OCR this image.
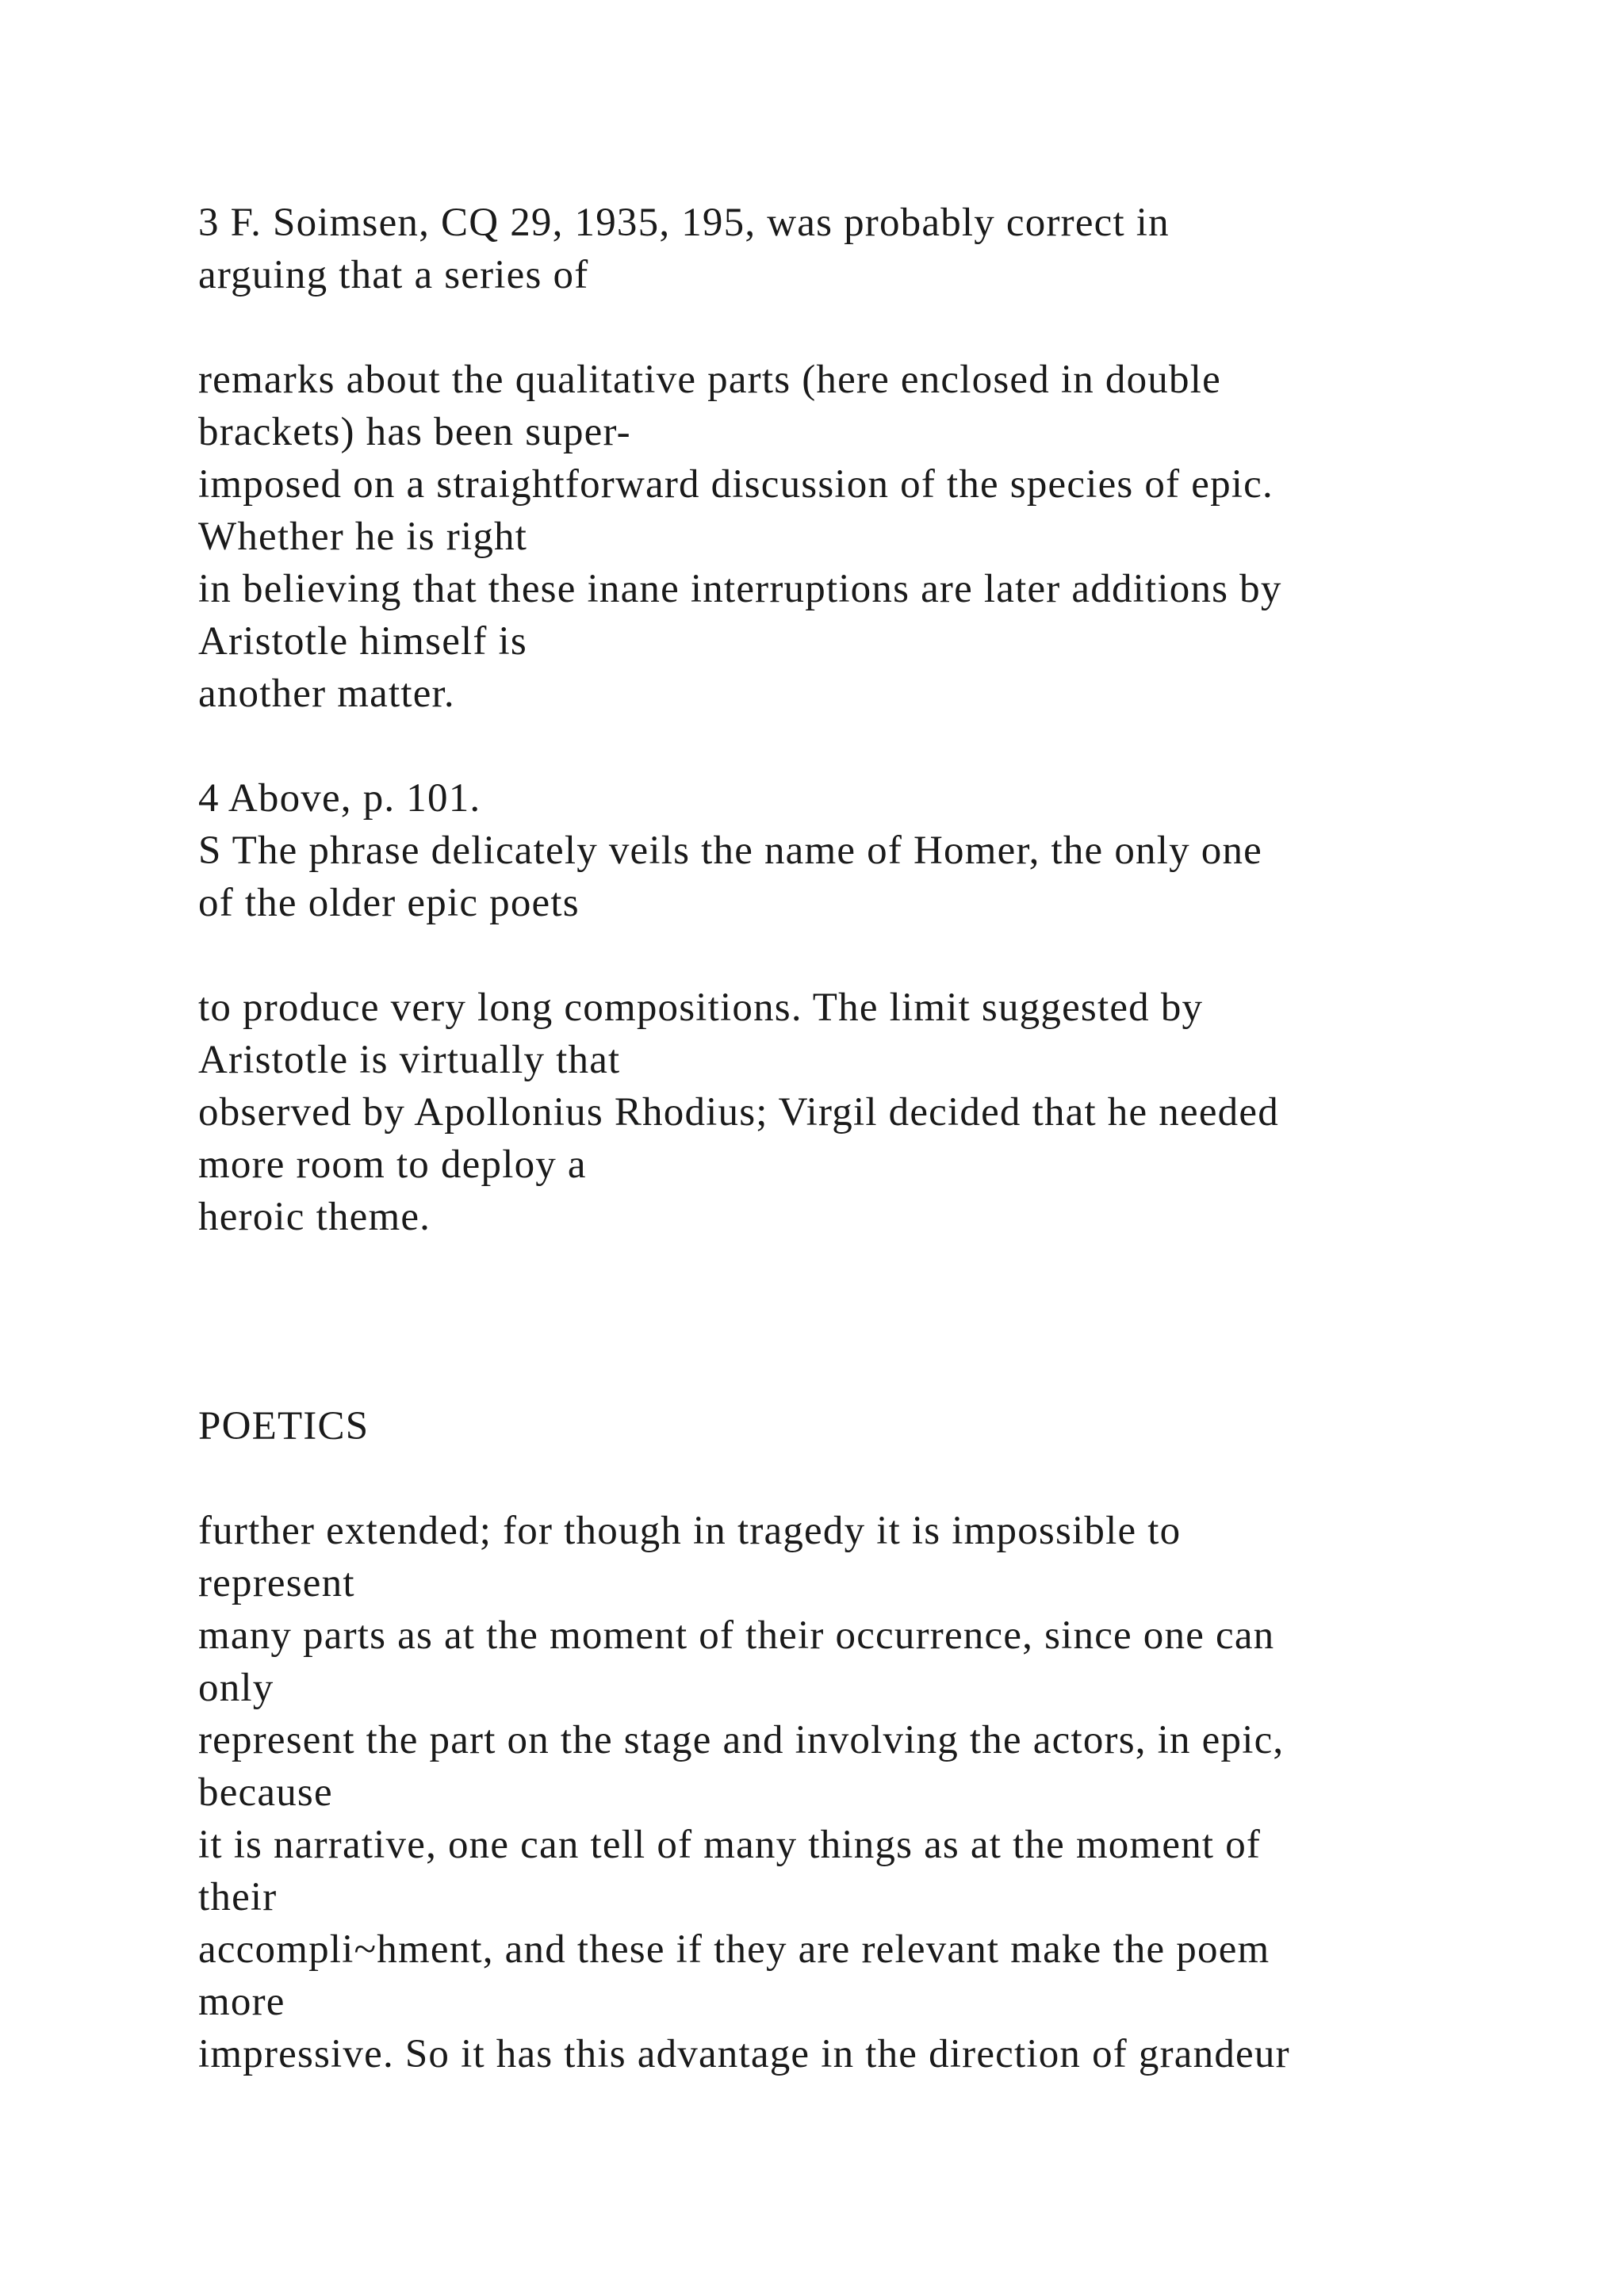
3 F. Soimsen, CQ 29, 1935, 195, was probably correct in
arguing that a series of
remarks about the qualitative parts (here enclosed in double
brackets) has been super-
imposed on a straightforward discussion of the species of epic.
Whether he is right
in believing that these inane interruptions are later additions by
Aristotle himself is
another matter.
4 Above, p. 101.
S The phrase delicately veils the name of Homer, the only one
of the older epic poets
to produce very long compositions. The limit suggested by
Aristotle is virtually that
observed by Apollonius Rhodius; Virgil decided that he needed
more room to deploy a
heroic theme.
POETICS
further extended; for though in tragedy it is impossible to
represent
many parts as at the moment of their occurrence, since one can
only
represent the part on the stage and involving the actors, in epic,
because
it is narrative, one can tell of many things as at the moment of
their
accompli~hment, and these if they are relevant make the poem
more
impressive. So it has this advantage in the direction of grandeur
